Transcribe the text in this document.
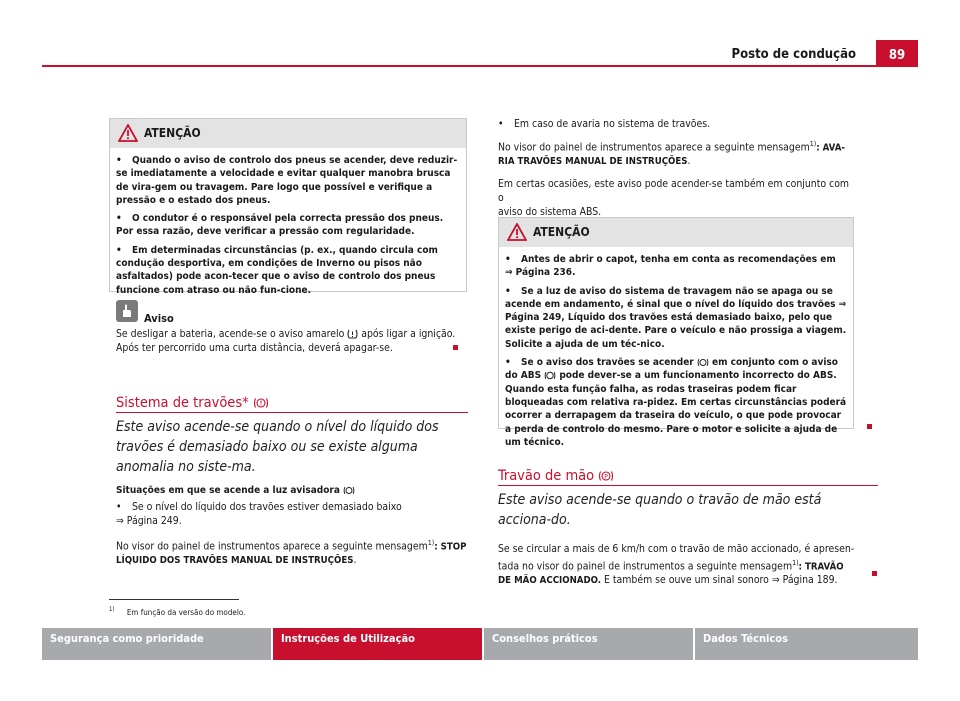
Posto de condução	89
ATENÇÃO

• Quando o aviso de controlo dos pneus se acender, deve reduzir-se imediatamente a velocidade e evitar qualquer manobra brusca de vira-gem ou travagem. Pare logo que possível e verifique a pressão e o estado dos pneus.

• O condutor é o responsável pela correcta pressão dos pneus. Por essa razão, deve verificar a pressão com regularidade.

• Em determinadas circunstâncias (p. ex., quando circula com condução desportiva, em condições de Inverno ou pisos não asfaltados) pode acon-tecer que o aviso de controlo dos pneus funcione com atraso ou não fun-cione.

Aviso

Se desligar a bateria, acende-se o aviso amarelo após ligar a ignição.

Após ter percorrido uma curta distância, deverá apagar-se.

Sistema de travões*

Este aviso acende-se quando o nível do líquido dos travões é demasiado baixo ou se existe alguma anomalia no siste-ma.

Situações em que se acende a luz avisadora

• Se o nível do líquido dos travões estiver demasiado baixo

⇒ Página 249.

No visor do painel de instrumentos aparece a seguinte mensagem$^{1)}$: STOP

LÍQUIDO DOS TRAVÕES MANUAL DE INSTRUÇÕES.

$^{1)}$ Em função da versão do modelo.

• Em caso de avaria no sistema de travões.

No visor do painel de instrumentos aparece a seguinte mensagem$^{1)}$: AVA-

RIA TRAVÕES MANUAL DE INSTRUÇÕES.

Em certas ocasiões, este aviso pode acender-se também em conjunto com o

aviso do sistema ABS.

ATENÇÃO

• Antes de abrir o capot, tenha em conta as recomendações em
⇒ Página 236.

• Se a luz de aviso do sistema de travagem não se apaga ou se acende em andamento, é sinal que o nível do líquido dos travões ⇒ Página 249, Líquido dos travões está demasiado baixo, pelo que existe perigo de aci-dente. Pare o veículo e não prossiga a viagem. Solicite a ajuda de um téc-nico.

• Se o aviso dos travões se acender em conjunto com o aviso do ABS pode dever-se a um funcionamento incorrecto do ABS. Quando esta função falha, as rodas traseiras podem ficar bloqueadas com relativa ra-pidez. Em certas circunstâncias poderá ocorrer a derrapagem da traseira do veículo, o que pode provocar a perda de controlo do mesmo. Pare o motor e solicite a ajuda de um técnico.

Travão de mão P

Este aviso acende-se quando o travão de mão está acciona-do.

Se se circular a mais de 6 km/h com o travão de mão accionado, é apresen-

tada no visor do painel de instrumentos a seguinte mensagem$^{1)}$: TRAVÃO

DE MÃO ACCIONADO. E também se ouve um sinal sonoro ⇒ Página 189.

Segurança como prioridade	Instruções de Utilização	Conselhos práticos	Dados Técnicos
